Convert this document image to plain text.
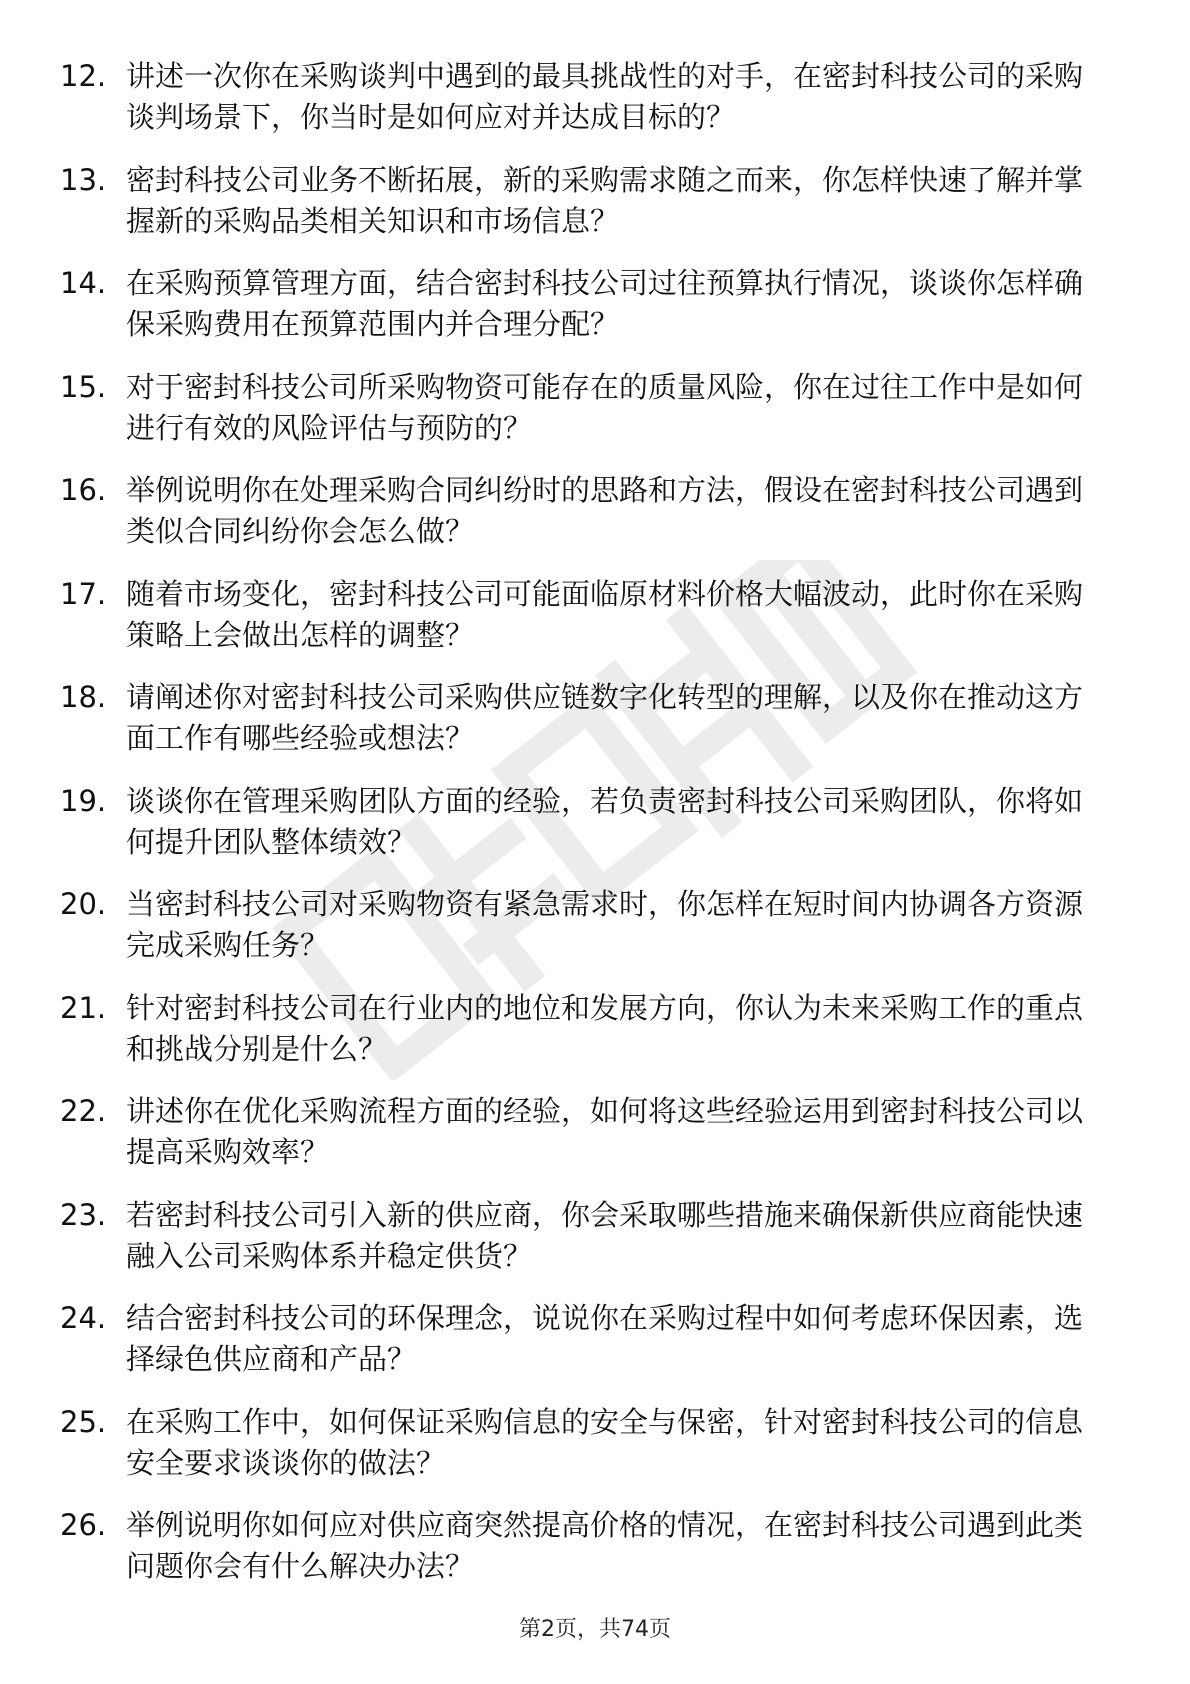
12. 讲述一次你在采购谈判中遇到的最具挑战性的对手，在密封科技公司的采购谈判场景下，你当时是如何应对并达成目标的？
13. 密封科技公司业务不断拓展，新的采购需求随之而来，你怎样快速了解并掌握新的采购品类相关知识和市场信息？
14. 在采购预算管理方面，结合密封科技公司过往预算执行情况，谈谈你怎样确保采购费用在预算范围内并合理分配？
15. 对于密封科技公司所采购物资可能存在的质量风险，你在过往工作中是如何进行有效的风险评估与预防的？
16. 举例说明你在处理采购合同纠纷时的思路和方法，假设在密封科技公司遇到类似合同纠纷你会怎么做？
17. 随着市场变化，密封科技公司可能面临原材料价格大幅波动，此时你在采购策略上会做出怎样的调整？
18. 请阐述你对密封科技公司采购供应链数字化转型的理解，以及你在推动这方面工作有哪些经验或想法？
19. 谈谈你在管理采购团队方面的经验，若负责密封科技公司采购团队，你将如何提升团队整体绩效？
20. 当密封科技公司对采购物资有紧急需求时，你怎样在短时间内协调各方资源完成采购任务？
21. 针对密封科技公司在行业内的地位和发展方向，你认为未来采购工作的重点和挑战分别是什么？
22. 讲述你在优化采购流程方面的经验，如何将这些经验运用到密封科技公司以提高采购效率？
23. 若密封科技公司引入新的供应商，你会采取哪些措施来确保新供应商能快速融入公司采购体系并稳定供货？
24. 结合密封科技公司的环保理念，说说你在采购过程中如何考虑环保因素，选择绿色供应商和产品？
25. 在采购工作中，如何保证采购信息的安全与保密，针对密封科技公司的信息安全要求谈谈你的做法？
26. 举例说明你如何应对供应商突然提高价格的情况，在密封科技公司遇到此类问题你会有什么解决办法？
第2页，共74页
